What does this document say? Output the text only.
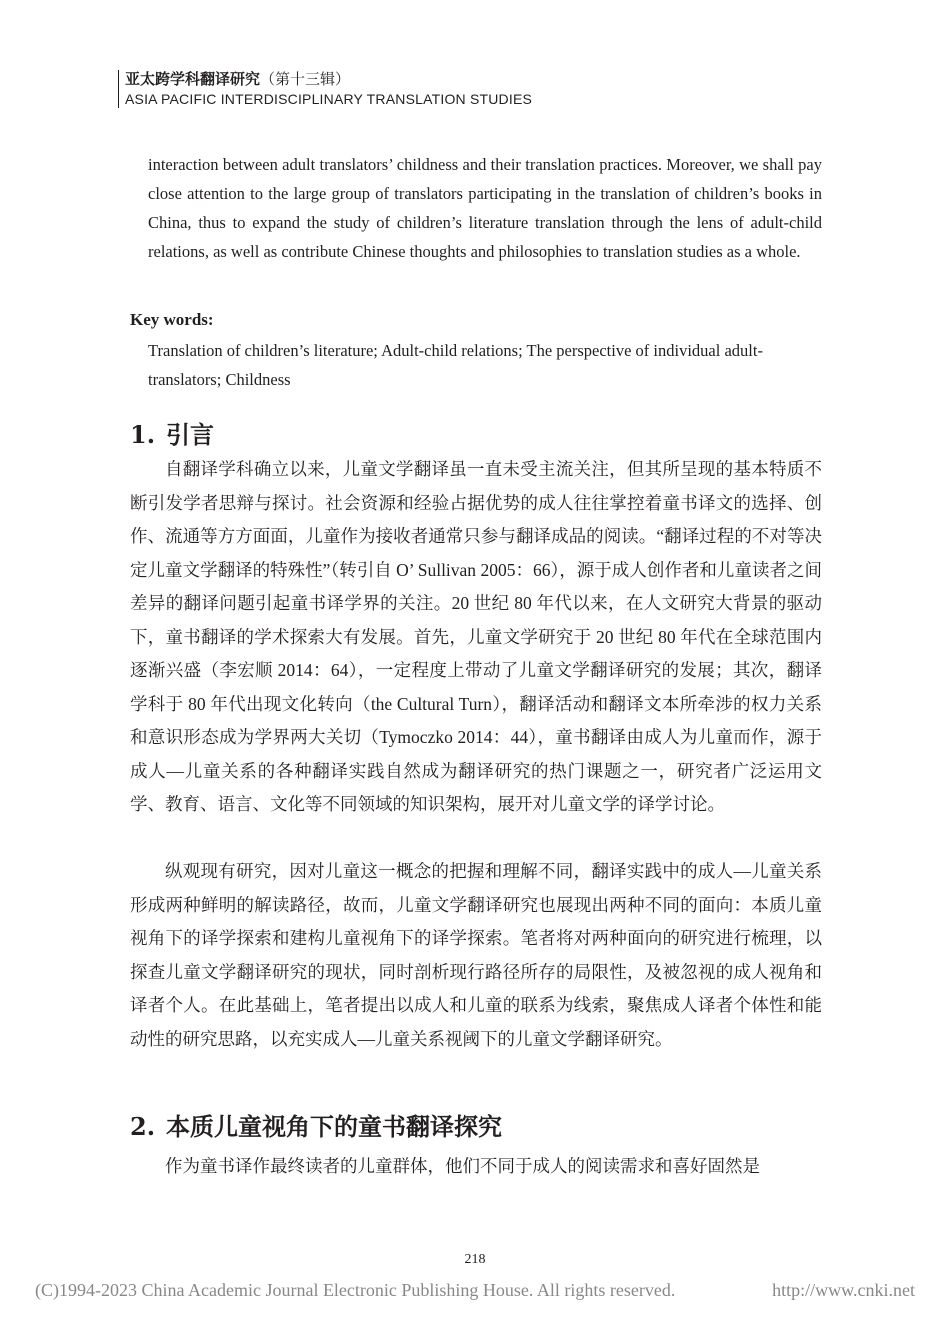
亚太跨学科翻译研究（第十三辑）
ASIA PACIFIC INTERDISCIPLINARY TRANSLATION STUDIES
interaction between adult translators’ childness and their translation practices. Moreover, we shall pay close attention to the large group of translators participating in the translation of children’s books in China, thus to expand the study of children’s literature translation through the lens of adult-child relations, as well as contribute Chinese thoughts and philosophies to translation studies as a whole.
Key words:
Translation of children’s literature; Adult-child relations; The perspective of individual adult-translators; Childness
1. 引言

自翻译学科确立以来，儿童文学翻译虽一直未受主流关注，但其所呈现的基本特质不断引发学者思辩与探讨。社会资源和经验占据优势的成人往往掌控着童书译文的选择、创作、流通等方方面面，儿童作为接收者通常只参与翻译成品的阅读。“翻译过程的不对等决定儿童文学翻译的特殊性”（转引自 O’ Sullivan 2005：66），源于成人创作者和儿童读者之间差异的翻译问题引起童书译学界的关注。20 世纪 80 年代以来，在人文研究大背景的驱动下，童书翻译的学术探索大有发展。首先，儿童文学研究于 20 世纪 80 年代在全球范围内逐渐兴盛（李宏顺 2014：64），一定程度上带动了儿童文学翻译研究的发展；其次，翻译学科于 80 年代出现文化转向（the Cultural Turn），翻译活动和翻译文本所牵涉的权力关系和意识形态成为学界两大关切（Tymoczko 2014：44），童书翻译由成人为儿童而作，源于成人—儿童关系的各种翻译实践自然成为翻译研究的热门课题之一，研究者广泛运用文学、教育、语言、文化等不同领域的知识架构，展开对儿童文学的译学讨论。

纵观现有研究，因对儿童这一概念的把握和理解不同，翻译实践中的成人—儿童关系形成两种鲜明的解读路径，故而，儿童文学翻译研究也展现出两种不同的面向：本质儿童视角下的译学探索和建构儿童视角下的译学探索。笔者将对两种面向的研究进行梳理，以探查儿童文学翻译研究的现状，同时剖析现行路径所存的局限性，及被忽视的成人视角和译者个人。在此基础上，笔者提出以成人和儿童的联系为线索，聚焦成人译者个体性和能动性的研究思路，以充实成人—儿童关系视阈下的儿童文学翻译研究。

2. 本质儿童视角下的童书翻译探究

作为童书译作最终读者的儿童群体，他们不同于成人的阅读需求和喜好固然是

218
(C)1994-2023 China Academic Journal Electronic Publishing House. All rights reserved.	http://www.cnki.net
